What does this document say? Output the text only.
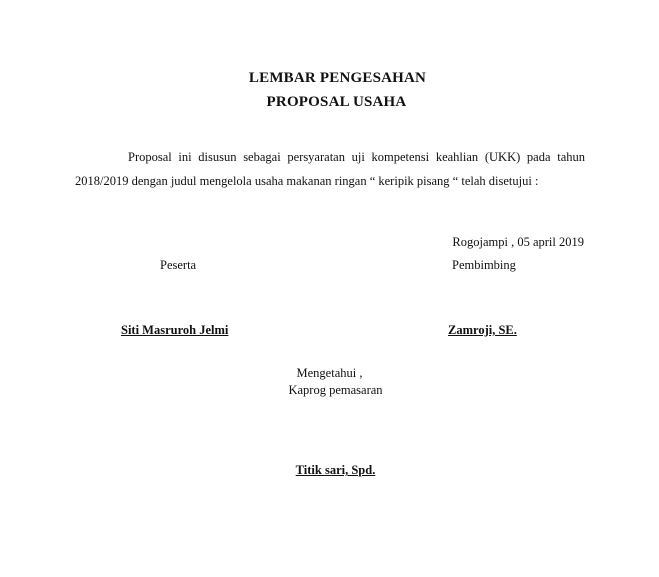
LEMBAR PENGESAHAN
PROPOSAL USAHA

Proposal ini disusun sebagai persyaratan uji kompetensi keahlian (UKK) pada tahun 2018/2019 dengan judul mengelola usaha makanan ringan “ keripik pisang “ telah disetujui :

Rogojampi , 05 april 2019

Peserta	Pembimbing

Siti Masruroh Jelmi	Zamroji, SE.

Mengetahui ,

Kaprog pemasaran

Titik sari, Spd.
